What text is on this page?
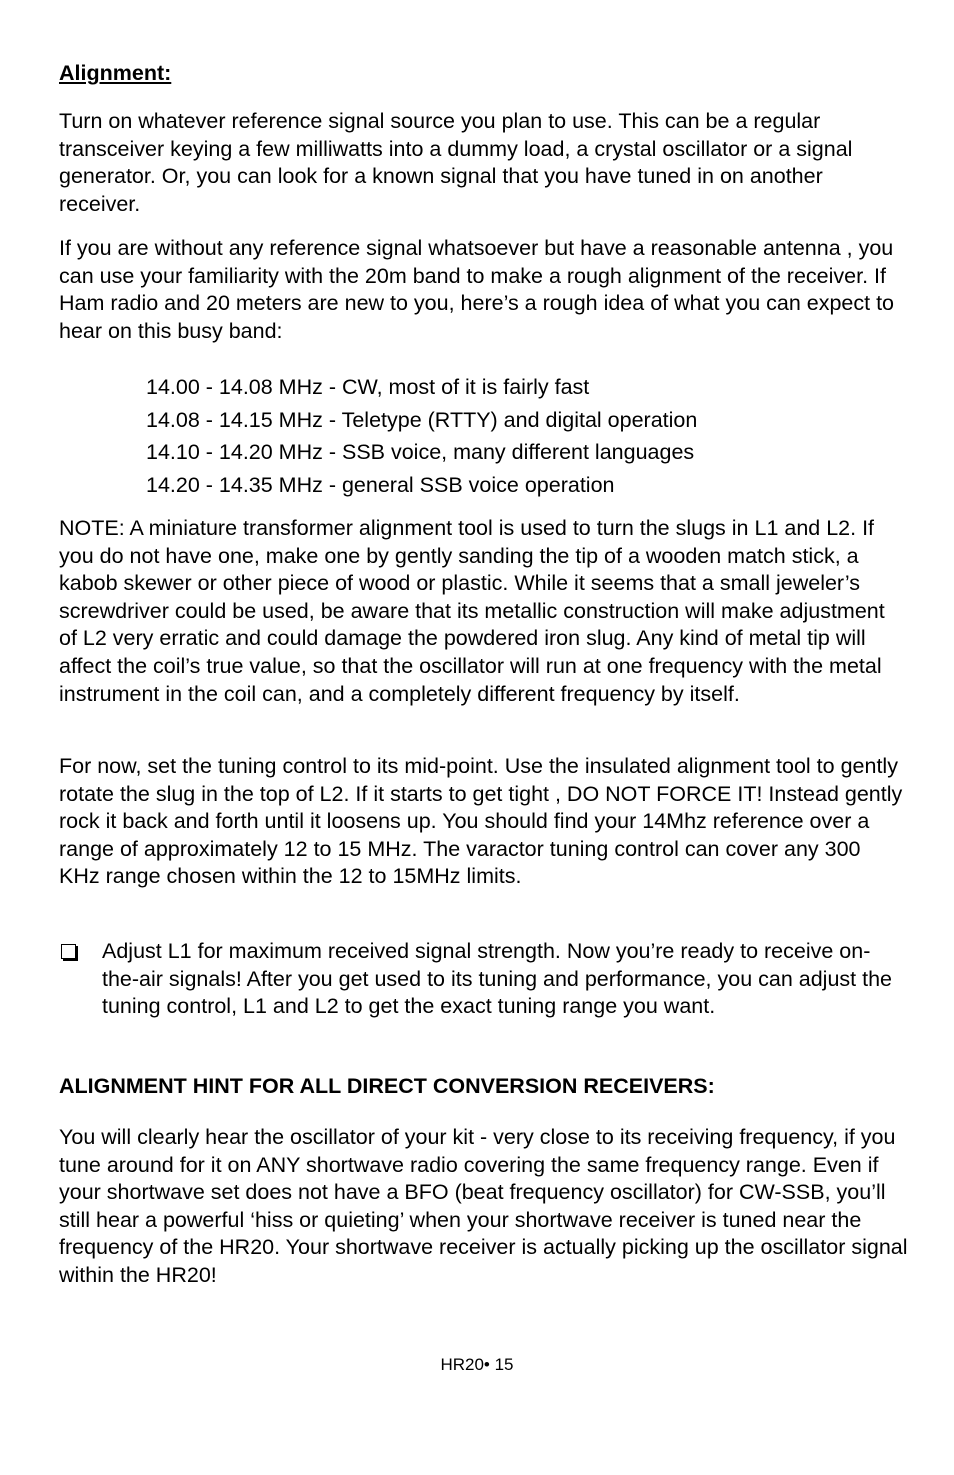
Alignment:

Turn on whatever reference signal source you plan to use. This can be a regular transceiver keying a few milliwatts into a dummy load, a crystal oscillator or a signal generator. Or, you can look for a known signal that you have tuned in on another receiver.

If you are without any reference signal whatsoever but have a reasonable antenna , you can use your familiarity with the 20m band to make a rough alignment of the receiver. If Ham radio and 20 meters are new to you, here’s a rough idea of what you can expect to hear on this busy band:

14.00 - 14.08 MHz - CW, most of it is fairly fast
14.08 - 14.15 MHz - Teletype (RTTY) and digital operation
14.10 - 14.20 MHz - SSB voice, many different languages
14.20 - 14.35 MHz - general SSB voice operation

NOTE: A miniature transformer alignment tool is used to turn the slugs in L1 and L2. If you do not have one, make one by gently sanding the tip of a wooden match stick, a kabob skewer or other piece of wood or plastic. While it seems that a small jeweler’s screwdriver could be used, be aware that its metallic construction will make adjustment of L2 very erratic and could damage the powdered iron slug. Any kind of metal tip will affect the coil’s true value, so that the oscillator will run at one frequency with the metal instrument in the coil can, and a completely different frequency by itself.

For now, set the tuning control to its mid-point. Use the insulated alignment tool to gently rotate the slug in the top of L2. If it starts to get tight , DO NOT FORCE IT! Instead gently rock it back and forth until it loosens up. You should find your 14Mhz reference over a range of approximately 12 to 15 MHz. The varactor tuning control can cover any 300 KHz range chosen within the 12 to 15MHz limits.

Adjust L1 for maximum received signal strength. Now you’re ready to receive on-the-air signals! After you get used to its tuning and performance, you can adjust the tuning control, L1 and L2 to get the exact tuning range you want.

ALIGNMENT HINT FOR ALL DIRECT CONVERSION RECEIVERS:

You will clearly hear the oscillator of your kit - very close to its receiving frequency, if you tune around for it on ANY shortwave radio covering the same frequency range. Even if your shortwave set does not have a BFO (beat frequency oscillator) for CW-SSB, you’ll still hear a powerful ‘hiss or quieting’ when your shortwave receiver is tuned near the frequency of the HR20. Your shortwave receiver is actually picking up the oscillator signal within the HR20!

HR20• 15
